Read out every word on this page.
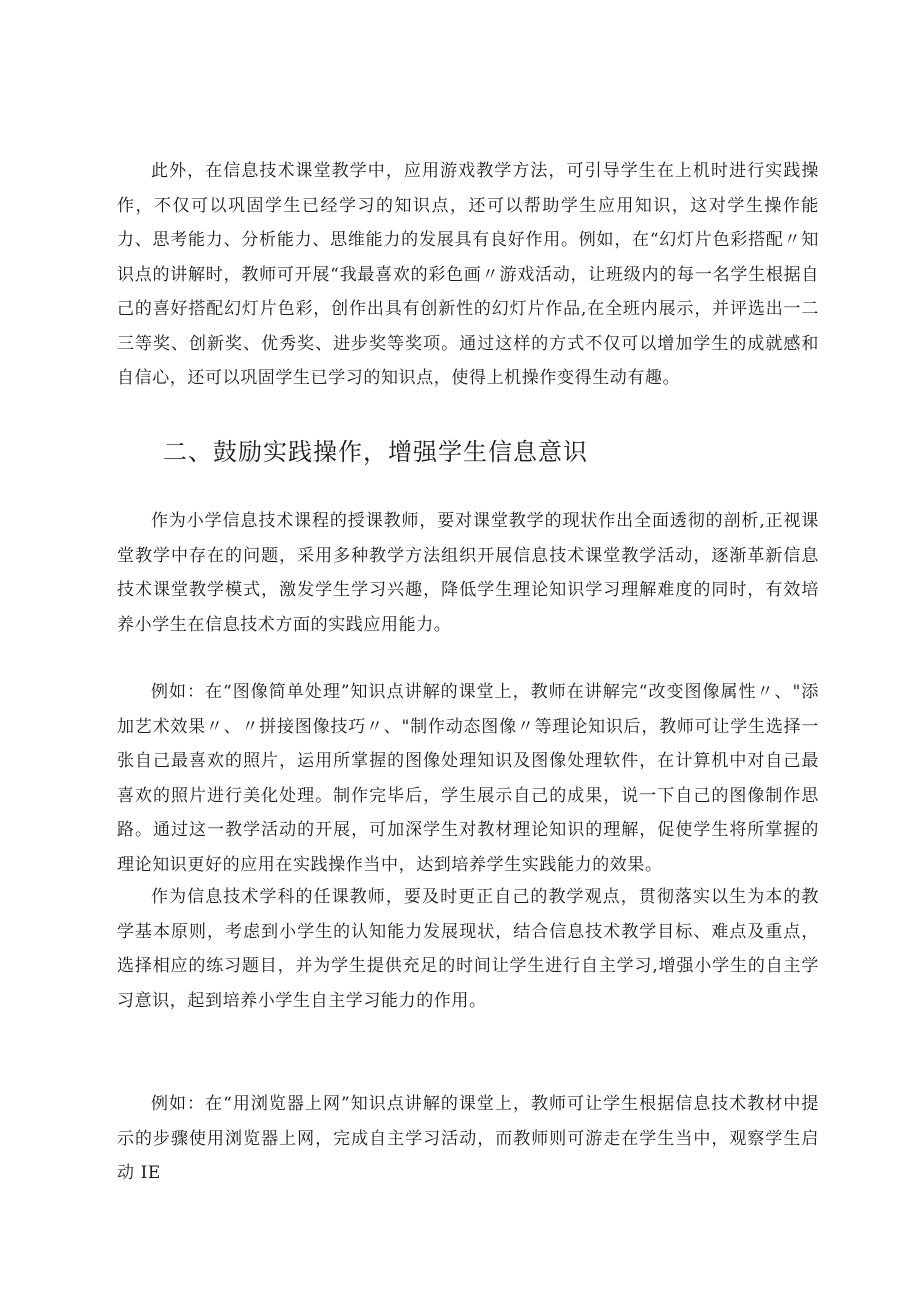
此外，在信息技术课堂教学中，应用游戏教学方法，可引导学生在上机时进行实践操作，不仅可以巩固学生已经学习的知识点，还可以帮助学生应用知识，这对学生操作能力、思考能力、分析能力、思维能力的发展具有良好作用。例如，在“幻灯片色彩搭配〃知识点的讲解时，教师可开展“我最喜欢的彩色画〃游戏活动，让班级内的每一名学生根据自己的喜好搭配幻灯片色彩，创作出具有创新性的幻灯片作品,在全班内展示，并评选出一二三等奖、创新奖、优秀奖、进步奖等奖项。通过这样的方式不仅可以增加学生的成就感和自信心，还可以巩固学生已学习的知识点，使得上机操作变得生动有趣。

二、鼓励实践操作，增强学生信息意识

作为小学信息技术课程的授课教师，要对课堂教学的现状作出全面透彻的剖析,正视课堂教学中存在的问题，采用多种教学方法组织开展信息技术课堂教学活动，逐渐革新信息技术课堂教学模式，激发学生学习兴趣，降低学生理论知识学习理解难度的同时，有效培养小学生在信息技术方面的实践应用能力。

例如：在“图像简单处理”知识点讲解的课堂上，教师在讲解完“改变图像属性〃、"添加艺术效果〃、〃拼接图像技巧〃、"制作动态图像〃等理论知识后，教师可让学生选择一张自己最喜欢的照片，运用所掌握的图像处理知识及图像处理软件，在计算机中对自己最喜欢的照片进行美化处理。制作完毕后，学生展示自己的成果，说一下自己的图像制作思路。通过这一教学活动的开展，可加深学生对教材理论知识的理解，促使学生将所掌握的理论知识更好的应用在实践操作当中，达到培养学生实践能力的效果。

作为信息技术学科的任课教师，要及时更正自己的教学观点，贯彻落实以生为本的教学基本原则，考虑到小学生的认知能力发展现状，结合信息技术教学目标、难点及重点，选择相应的练习题目，并为学生提供充足的时间让学生进行自主学习,增强小学生的自主学习意识，起到培养小学生自主学习能力的作用。

例如：在“用浏览器上网”知识点讲解的课堂上，教师可让学生根据信息技术教材中提示的步骤使用浏览器上网，完成自主学习活动，而教师则可游走在学生当中，观察学生启动 IE
